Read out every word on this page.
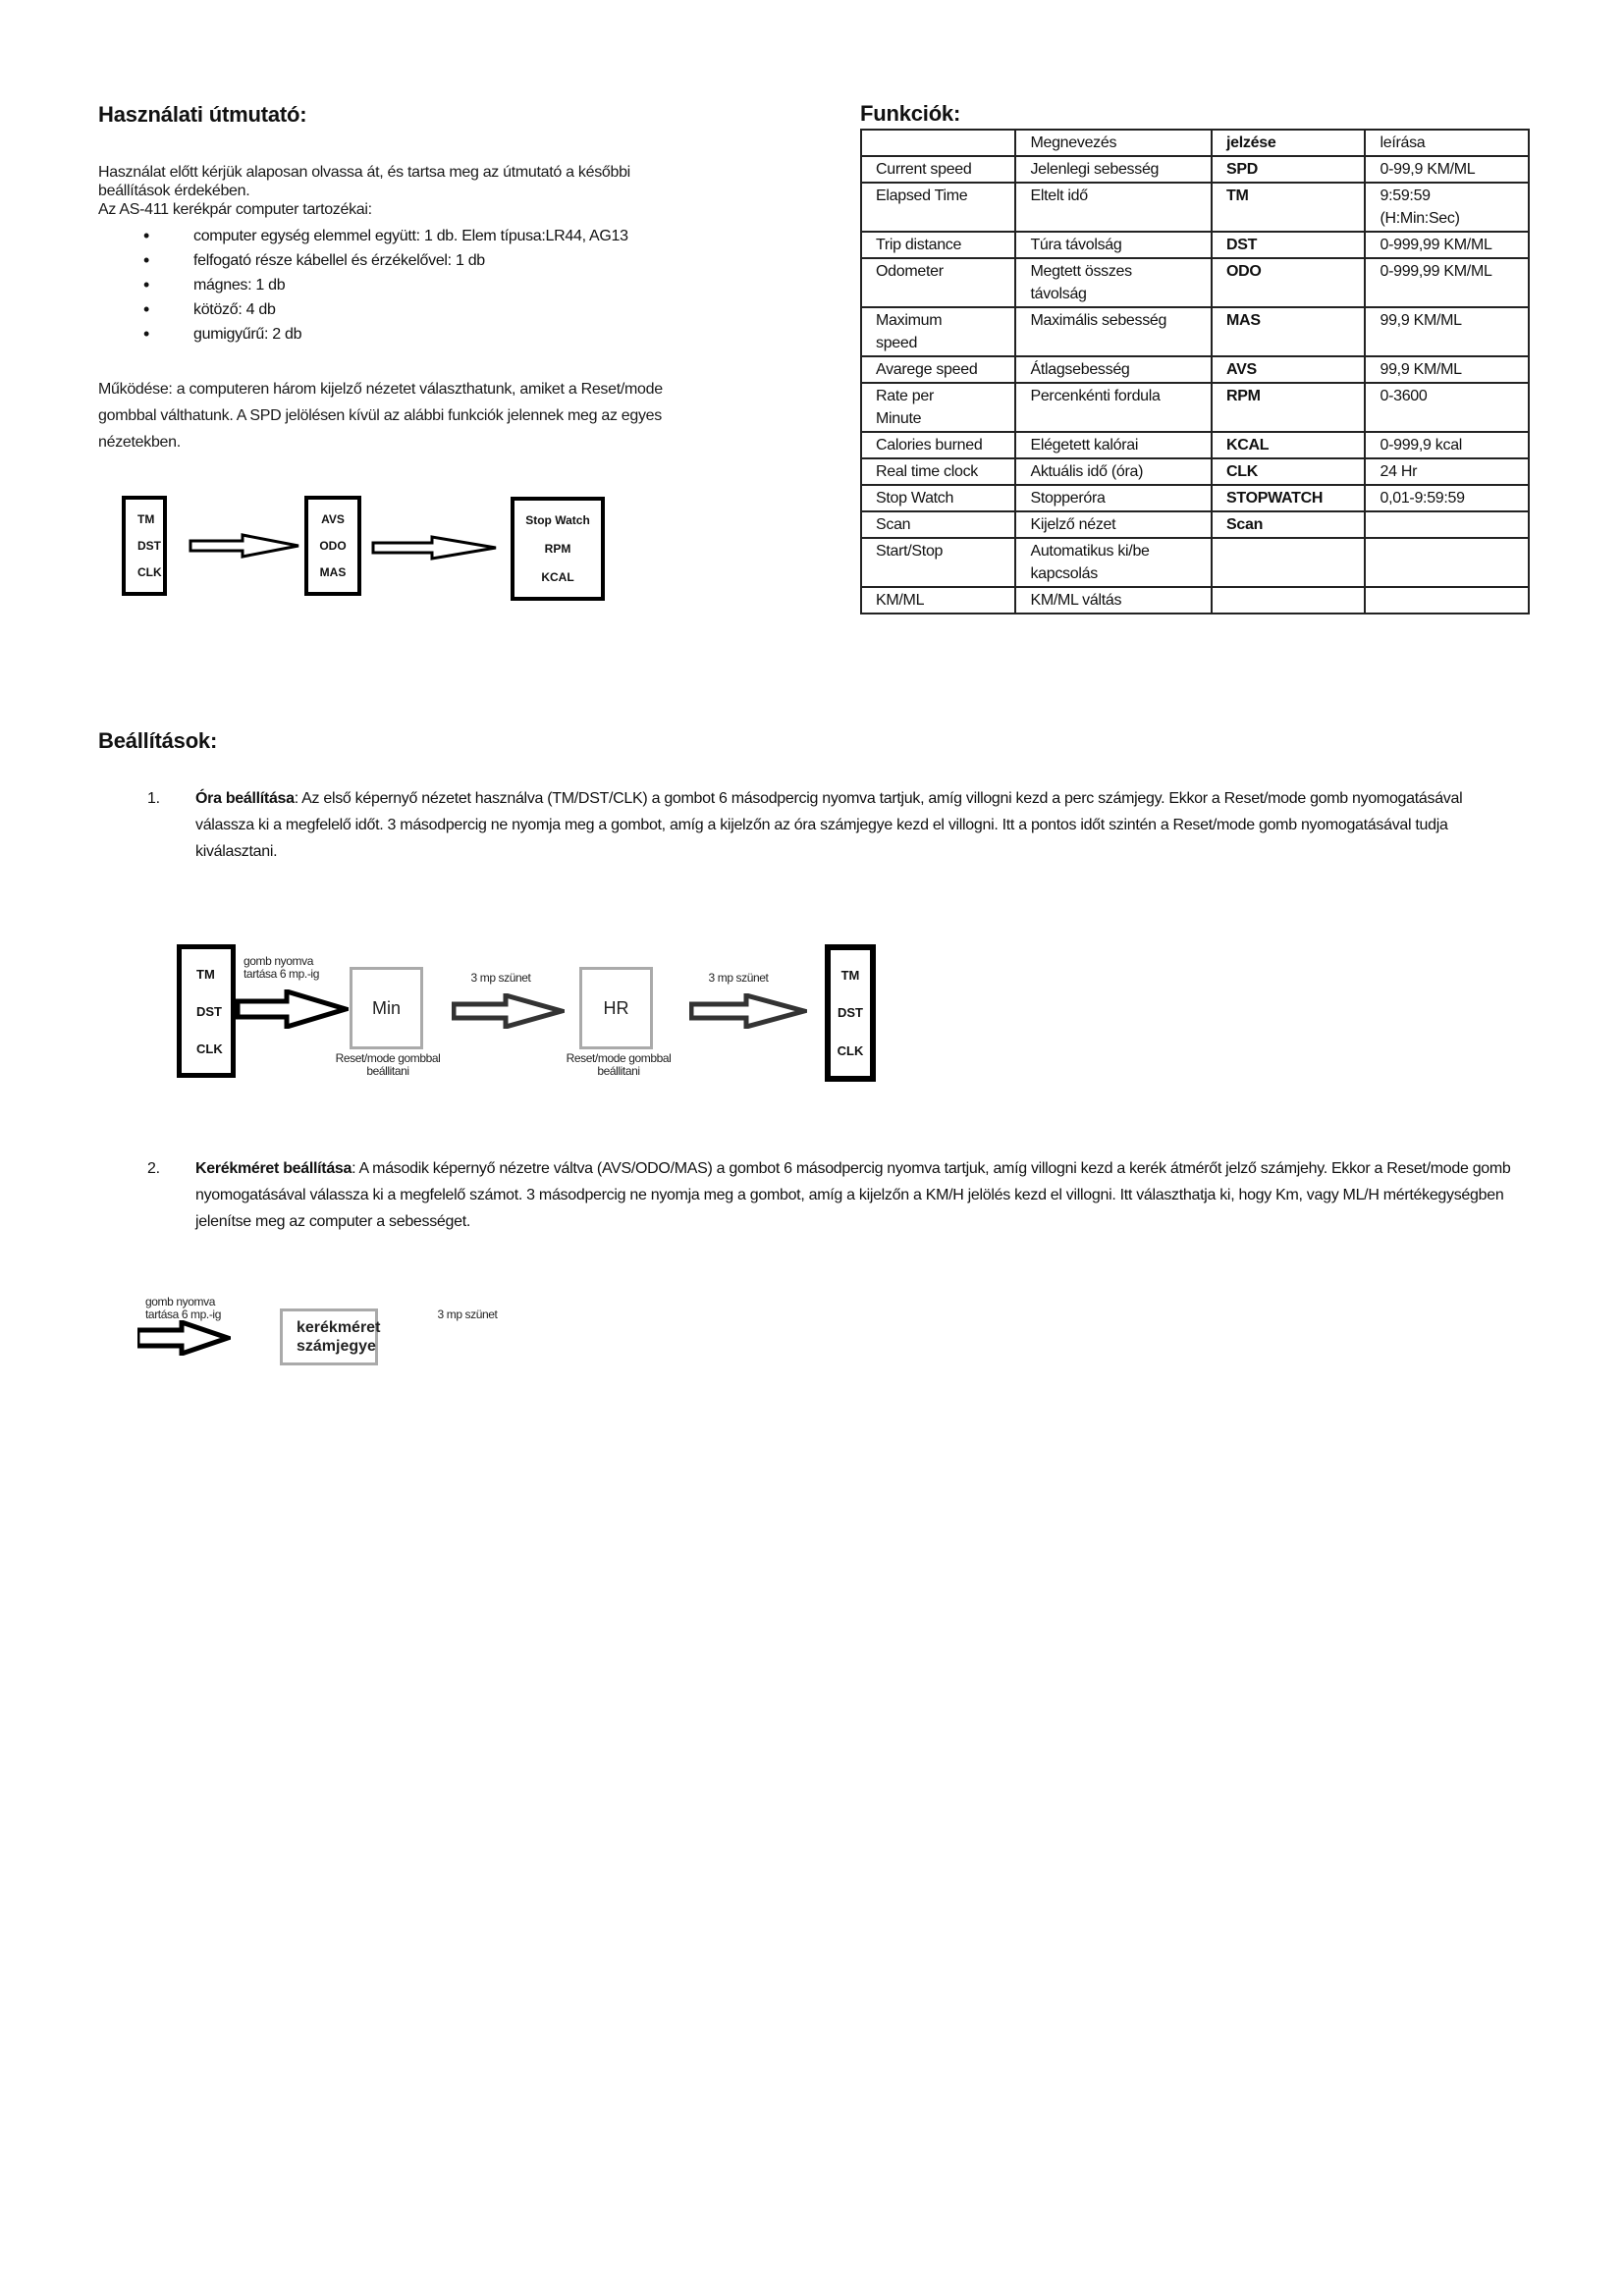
Használati útmutató:
Használat előtt kérjük alaposan olvassa át, és tartsa meg az útmutató a későbbi
beállítások érdekében.
Az AS-411 kerékpár computer tartozékai:
• computer egység elemmel együtt: 1 db. Elem típusa:LR44, AG13
• felfogató része kábellel és érzékelővel: 1 db
• mágnes: 1 db
• kötöző: 4 db
• gumigyűrű: 2 db
Működése: a computeren három kijelző nézetet választhatunk, amiket a Reset/mode
gombbal válthatunk. A SPD jelölésen kívül az alábbi funkciók jelennek meg az egyes
nézetekben.
TM
DST
CLK
AVS
ODO
MAS
Stop Watch
RPM
KCAL
Funkciók:
	Megnevezés	jelzése	leírása
Current speed	Jelenlegi sebesség	SPD	0-99,9 KM/ML
Elapsed Time	Eltelt idő	TM	9:59:59 (H:Min:Sec)
Trip distance	Túra távolság	DST	0-999,99 KM/ML
Odometer	Megtett összes távolság	ODO	0-999,99 KM/ML
Maximum speed	Maximális sebesség	MAS	99,9 KM/ML
Avarege speed	Átlagsebesség	AVS	99,9 KM/ML
Rate per Minute	Percenkénti fordula	RPM	0-3600
Calories burned	Elégetett kalórai	KCAL	0-999,9 kcal
Real time clock	Aktuális idő (óra)	CLK	24 Hr
Stop Watch	Stopperóra	STOPWATCH	0,01-9:59:59
Scan	Kijelző nézet	Scan	
Start/Stop	Automatikus ki/be kapcsolás		
KM/ML	KM/ML váltás		
Beállítások:
1. Óra beállítása: Az első képernyő nézetet használva (TM/DST/CLK) a gombot 6 másodpercig nyomva tartjuk, amíg villogni kezd a perc számjegy. Ekkor a Reset/mode gomb nyomogatásával válassza ki a megfelelő időt. 3 másodpercig ne nyomja meg a gombot, amíg a kijelzőn az óra számjegye kezd el villogni. Itt a pontos időt szintén a Reset/mode gomb nyomogatásával tudja kiválasztani.
TM
DST
CLK
gomb nyomva tartása 6 mp.-ig
Min
3 mp szünet
HR
3 mp szünet	TM
DST
CLK
Reset/mode gombbal beállitani
Reset/mode gombbal beállitani
2. Kerékméret beállítása: A második képernyő nézetre váltva (AVS/ODO/MAS) a gombot 6 másodpercig nyomva tartjuk, amíg villogni kezd a kerék átmérőt jelző számjehy. Ekkor a Reset/mode gomb nyomogatásával válassza ki a megfelelő számot. 3 másodpercig ne nyomja meg a gombot, amíg a kijelzőn a KM/H jelölés kezd el villogni. Itt választhatja ki, hogy Km, vagy ML/H mértékegységben jelenítse meg az computer a sebességet.
gomb nyomva tartása 6 mp.-ig
kerékméret számjegye
3 mp szünet
